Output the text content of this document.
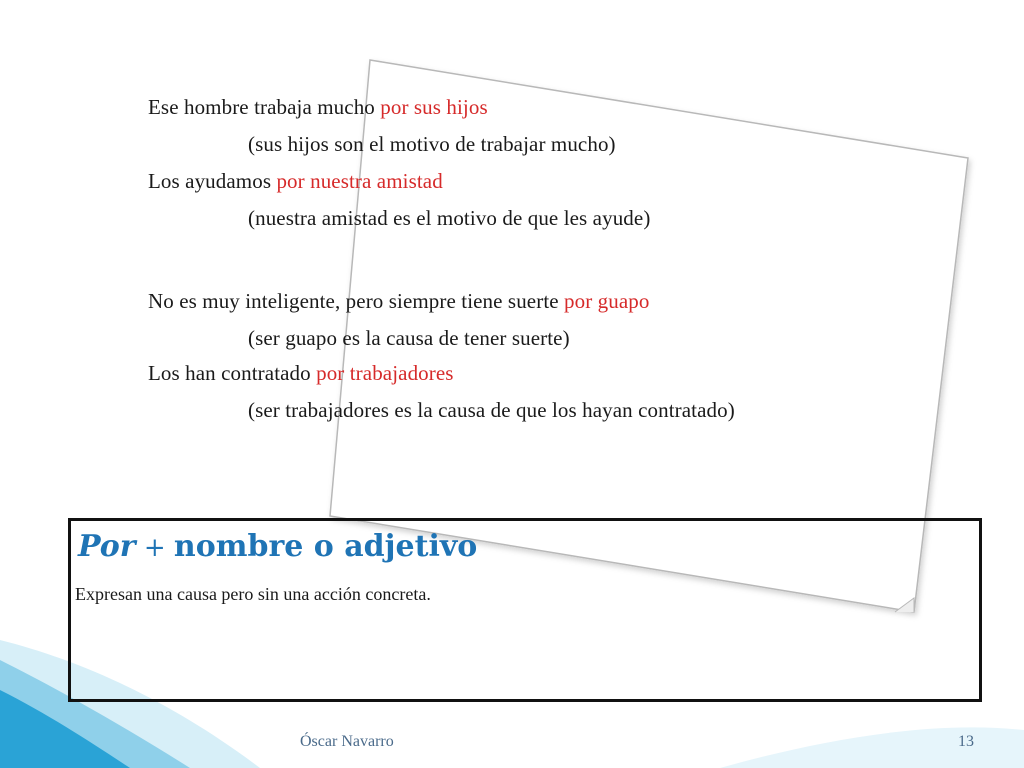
Ese hombre trabaja mucho por sus hijos
(sus hijos son el motivo de trabajar mucho)
Los ayudamos por nuestra amistad
(nuestra amistad es el motivo de que les ayude)
No es muy inteligente, pero siempre tiene suerte por guapo
(ser guapo es la causa de tener suerte)
Los han contratado por trabajadores
(ser trabajadores es la causa de que los hayan contratado)
Por + nombre o adjetivo
Expresan una causa pero sin una acción concreta.
Óscar Navarro	13
